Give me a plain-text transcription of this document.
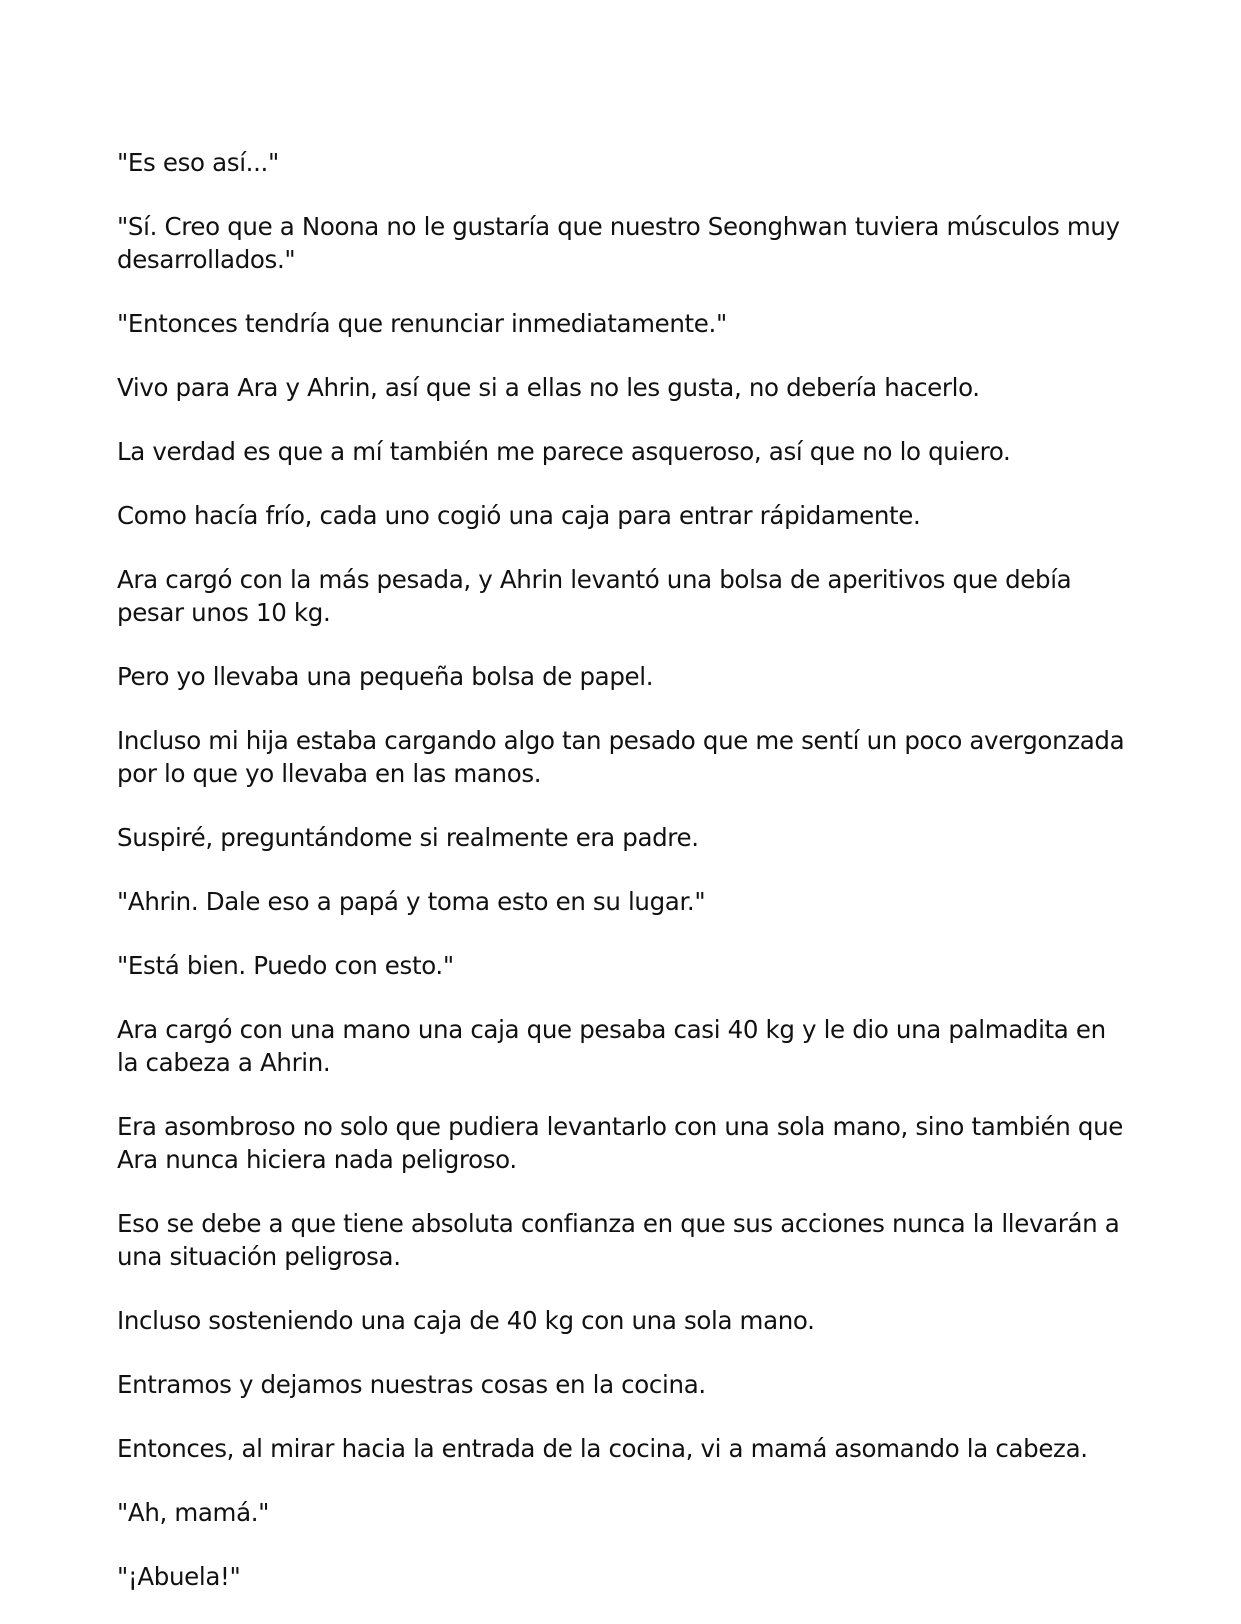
"Es eso así..."

"Sí. Creo que a Noona no le gustaría que nuestro Seonghwan tuviera músculos muy desarrollados."

"Entonces tendría que renunciar inmediatamente."

Vivo para Ara y Ahrin, así que si a ellas no les gusta, no debería hacerlo.

La verdad es que a mí también me parece asqueroso, así que no lo quiero.

Como hacía frío, cada uno cogió una caja para entrar rápidamente.

Ara cargó con la más pesada, y Ahrin levantó una bolsa de aperitivos que debía pesar unos 10 kg.

Pero yo llevaba una pequeña bolsa de papel.

Incluso mi hija estaba cargando algo tan pesado que me sentí un poco avergonzada por lo que yo llevaba en las manos.

Suspiré, preguntándome si realmente era padre.

"Ahrin. Dale eso a papá y toma esto en su lugar."

"Está bien. Puedo con esto."

Ara cargó con una mano una caja que pesaba casi 40 kg y le dio una palmadita en la cabeza a Ahrin.

Era asombroso no solo que pudiera levantarlo con una sola mano, sino también que Ara nunca hiciera nada peligroso.

Eso se debe a que tiene absoluta confianza en que sus acciones nunca la llevarán a una situación peligrosa.

Incluso sosteniendo una caja de 40 kg con una sola mano.

Entramos y dejamos nuestras cosas en la cocina.

Entonces, al mirar hacia la entrada de la cocina, vi a mamá asomando la cabeza.

"Ah, mamá."

"¡Abuela!"
